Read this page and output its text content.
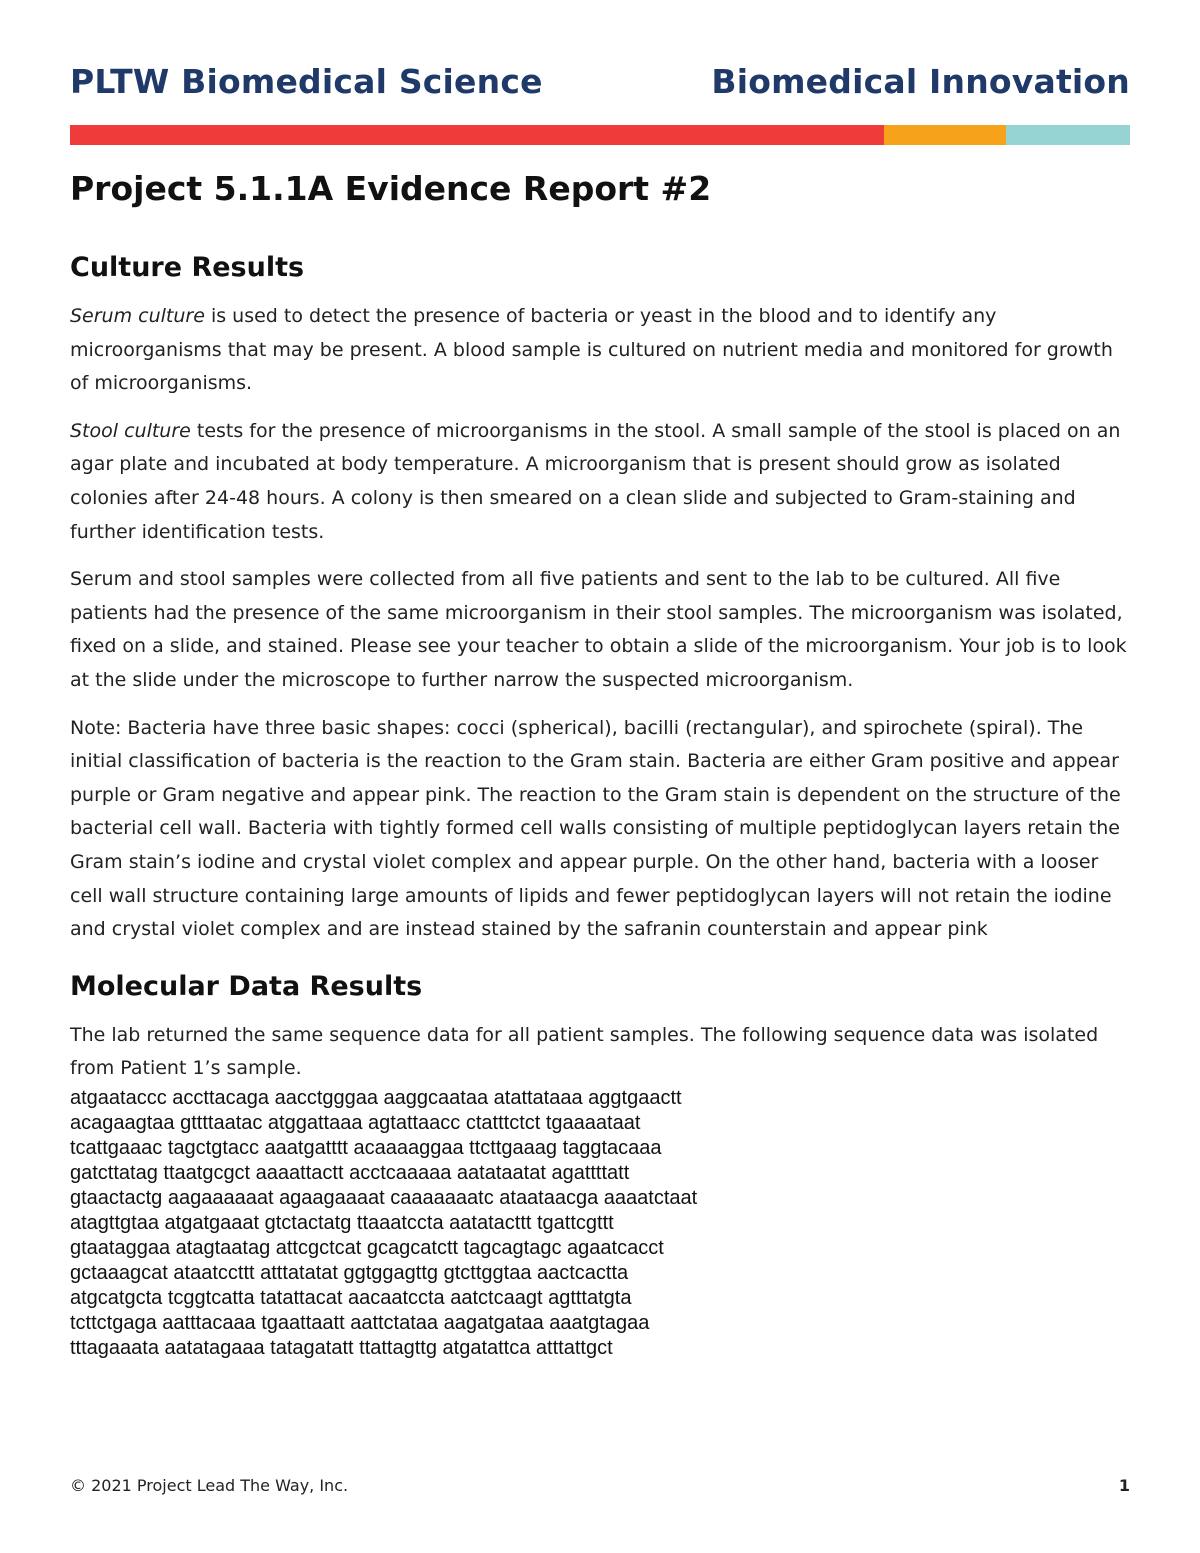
PLTW Biomedical Science	Biomedical Innovation
Project 5.1.1A Evidence Report #2
Culture Results

Serum culture is used to detect the presence of bacteria or yeast in the blood and to identify any microorganisms that may be present. A blood sample is cultured on nutrient media and monitored for growth of microorganisms.

Stool culture tests for the presence of microorganisms in the stool. A small sample of the stool is placed on an agar plate and incubated at body temperature. A microorganism that is present should grow as isolated colonies after 24-48 hours. A colony is then smeared on a clean slide and subjected to Gram-staining and further identification tests.

Serum and stool samples were collected from all five patients and sent to the lab to be cultured. All five patients had the presence of the same microorganism in their stool samples. The microorganism was isolated, fixed on a slide, and stained. Please see your teacher to obtain a slide of the microorganism. Your job is to look at the slide under the microscope to further narrow the suspected microorganism.

Note: Bacteria have three basic shapes: cocci (spherical), bacilli (rectangular), and spirochete (spiral). The initial classification of bacteria is the reaction to the Gram stain. Bacteria are either Gram positive and appear purple or Gram negative and appear pink. The reaction to the Gram stain is dependent on the structure of the bacterial cell wall. Bacteria with tightly formed cell walls consisting of multiple peptidoglycan layers retain the Gram stain’s iodine and crystal violet complex and appear purple. On the other hand, bacteria with a looser cell wall structure containing large amounts of lipids and fewer peptidoglycan layers will not retain the iodine and crystal violet complex and are instead stained by the safranin counterstain and appear pink

Molecular Data Results

The lab returned the same sequence data for all patient samples. The following sequence data was isolated from Patient 1’s sample.

atgaataccc accttacaga aacctgggaa aaggcaataa atattataaa aggtgaactt
acagaagtaa gttttaatac atggattaaa agtattaacc ctatttctct tgaaaataat
tcattgaaac tagctgtacc aaatgatttt acaaaaggaa ttcttgaaag taggtacaaa
gatcttatag ttaatgcgct aaaattactt acctcaaaaa aatataatat agattttatt
gtaactactg aagaaaaaat agaagaaaat caaaaaaatc ataataacga aaaatctaat
atagttgtaa atgatgaaat gtctactatg ttaaatccta aatatacttt tgattcgttt
gtaataggaa atagtaatag attcgctcat gcagcatctt tagcagtagc agaatcacct
gctaaagcat ataatccttt atttatatat ggtggagttg gtcttggtaa aactcactta
atgcatgcta tcggtcatta tatattacat aacaatccta aatctcaagt agtttatgta
tcttctgaga aatttacaaa tgaattaatt aattctataa aagatgataa aaatgtagaa
tttagaaata aatatagaaa tatagatatt ttattagttg atgatattca atttattgct
© 2021 Project Lead The Way, Inc.	1
